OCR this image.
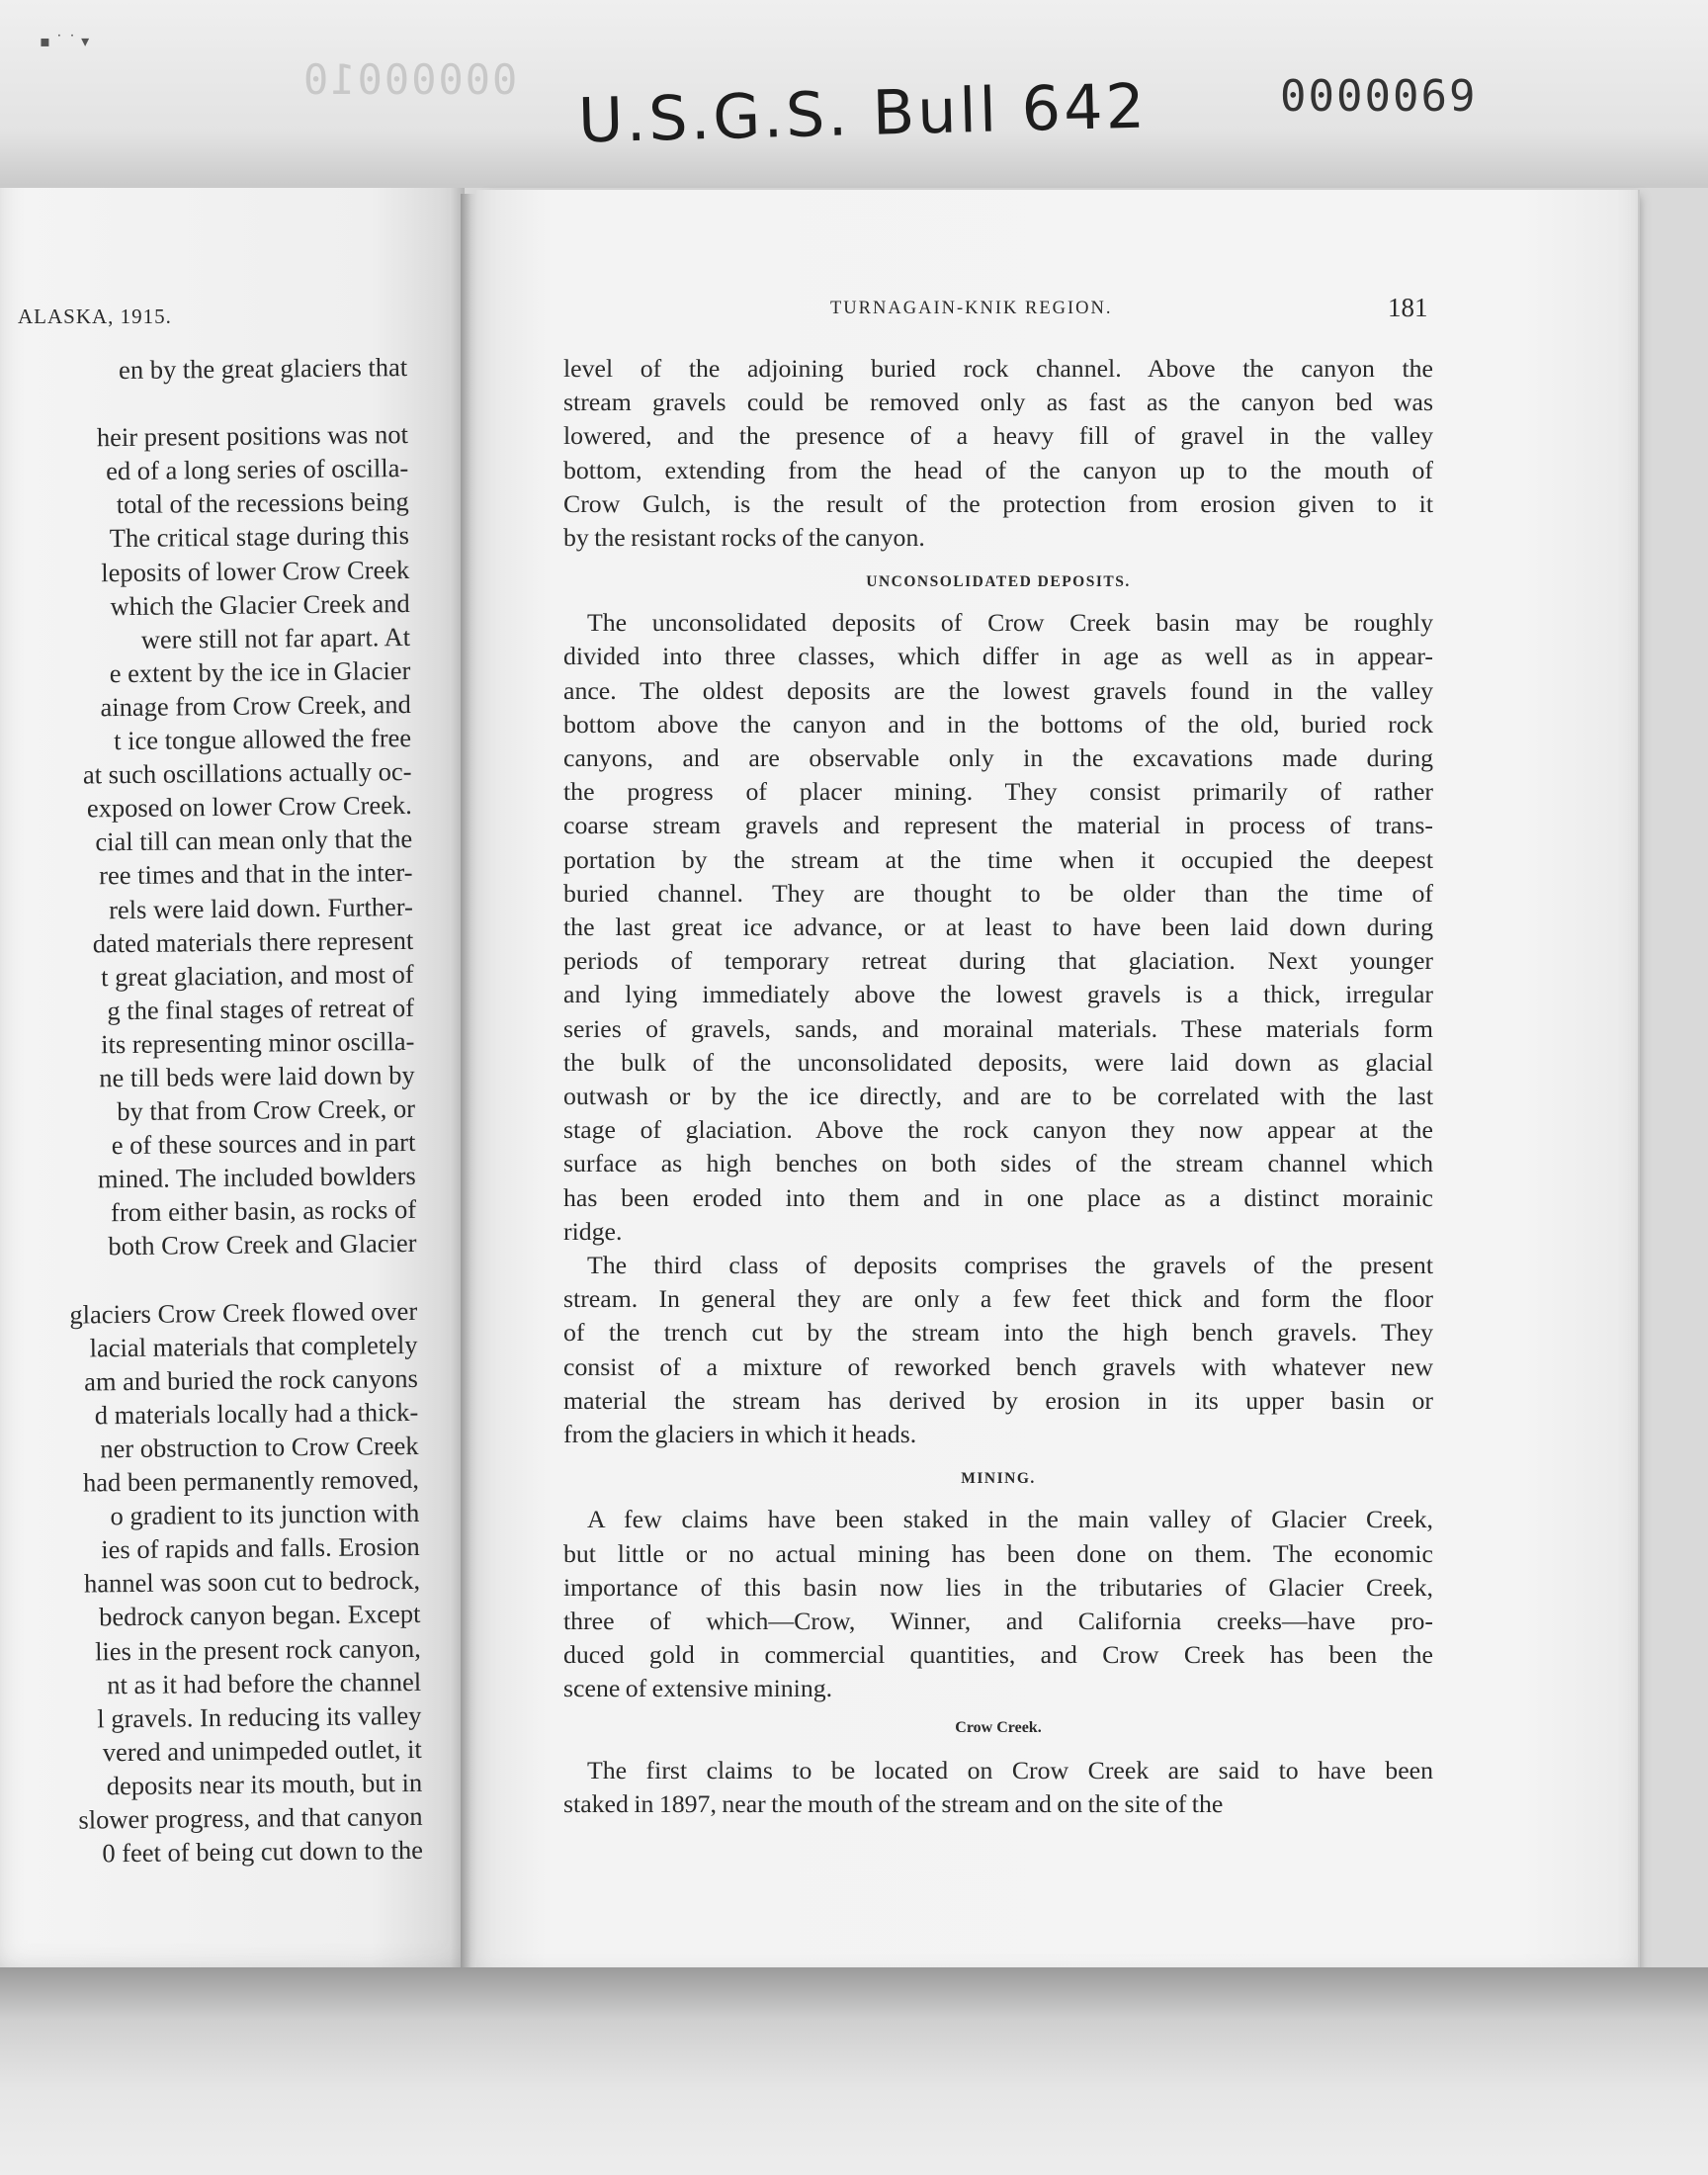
▪ ˙ ˙ ▾
00000010 U.S.G.S. Bull 642	0000069
ALASKA, 1915.
en by the great glaciers that

heir present positions was not
ed of a long series of oscilla-
total of the recessions being
The critical stage during this
leposits of lower Crow Creek
which the Glacier Creek and
were still not far apart. At
e extent by the ice in Glacier
ainage from Crow Creek, and
t ice tongue allowed the free
at such oscillations actually oc-
exposed on lower Crow Creek.
cial till can mean only that the
ree times and that in the inter-
rels were laid down. Further-
dated materials there represent
t great glaciation, and most of
g the final stages of retreat of
its representing minor oscilla-
ne till beds were laid down by
by that from Crow Creek, or
e of these sources and in part
mined. The included bowlders
from either basin, as rocks of
both Crow Creek and Glacier

glaciers Crow Creek flowed over
lacial materials that completely
am and buried the rock canyons
d materials locally had a thick-
ner obstruction to Crow Creek
had been permanently removed,
o gradient to its junction with
ies of rapids and falls. Erosion
hannel was soon cut to bedrock,
bedrock canyon began. Except
lies in the present rock canyon,
nt as it had before the channel
l gravels. In reducing its valley
vered and unimpeded outlet, it
deposits near its mouth, but in
slower progress, and that canyon
0 feet of being cut down to the
TURNAGAIN-KNIK REGION.	181

level of the adjoining buried rock channel. Above the canyon the
stream gravels could be removed only as fast as the canyon bed was
lowered, and the presence of a heavy fill of gravel in the valley
bottom, extending from the head of the canyon up to the mouth of
Crow Gulch, is the result of the protection from erosion given to it
by the resistant rocks of the canyon.

UNCONSOLIDATED DEPOSITS.

The unconsolidated deposits of Crow Creek basin may be roughly
divided into three classes, which differ in age as well as in appear-
ance. The oldest deposits are the lowest gravels found in the valley
bottom above the canyon and in the bottoms of the old, buried rock
canyons, and are observable only in the excavations made during
the progress of placer mining. They consist primarily of rather
coarse stream gravels and represent the material in process of trans-
portation by the stream at the time when it occupied the deepest
buried channel. They are thought to be older than the time of
the last great ice advance, or at least to have been laid down during
periods of temporary retreat during that glaciation. Next younger
and lying immediately above the lowest gravels is a thick, irregular
series of gravels, sands, and morainal materials. These materials form
the bulk of the unconsolidated deposits, were laid down as glacial
outwash or by the ice directly, and are to be correlated with the last
stage of glaciation. Above the rock canyon they now appear at the
surface as high benches on both sides of the stream channel which
has been eroded into them and in one place as a distinct morainic
ridge.

The third class of deposits comprises the gravels of the present
stream. In general they are only a few feet thick and form the floor
of the trench cut by the stream into the high bench gravels. They
consist of a mixture of reworked bench gravels with whatever new
material the stream has derived by erosion in its upper basin or
from the glaciers in which it heads.

MINING.

A few claims have been staked in the main valley of Glacier Creek,
but little or no actual mining has been done on them. The economic
importance of this basin now lies in the tributaries of Glacier Creek,
three of which—Crow, Winner, and California creeks—have pro-
duced gold in commercial quantities, and Crow Creek has been the
scene of extensive mining.

Crow Creek.

The first claims to be located on Crow Creek are said to have been
staked in 1897, near the mouth of the stream and on the site of the
